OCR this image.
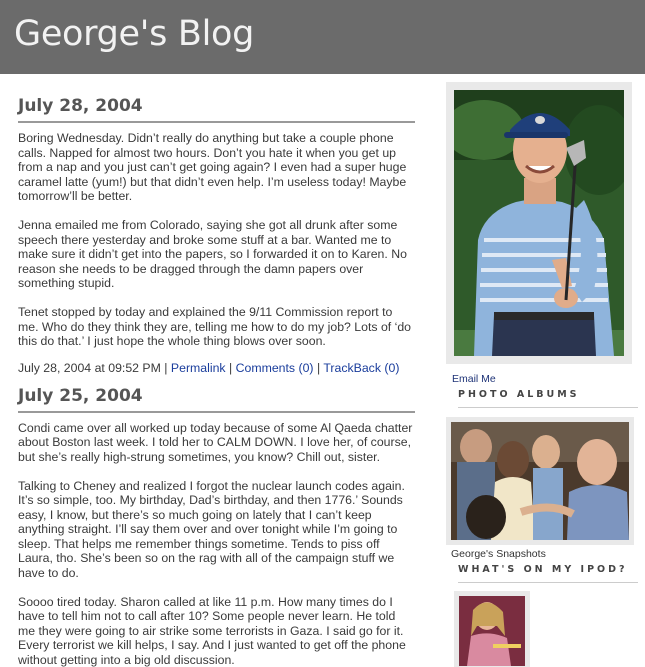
George's Blog
July 28, 2004

Boring Wednesday. Didn’t really do anything but take a couple phone calls. Napped for almost two hours. Don’t you hate it when you get up from a nap and you just can’t get going again? I even had a super huge caramel latte (yum!) but that didn’t even help. I’m useless today! Maybe tomorrow’ll be better.

Jenna emailed me from Colorado, saying she got all drunk after some speech there yesterday and broke some stuff at a bar. Wanted me to make sure it didn’t get into the papers, so I forwarded it on to Karen. No reason she needs to be dragged through the damn papers over something stupid.

Tenet stopped by today and explained the 9/11 Commission report to me. Who do they think they are, telling me how to do my job? Lots of ‘do this do that.’ I just hope the whole thing blows over soon.

July 28, 2004 at 09:52 PM | Permalink | Comments (0) | TrackBack (0)
July 25, 2004

Condi came over all worked up today because of some Al Qaeda chatter about Boston last week. I told her to CALM DOWN. I love her, of course, but she’s really high-strung sometimes, you know? Chill out, sister.

Talking to Cheney and realized I forgot the nuclear launch codes again. It’s so simple, too. My birthday, Dad’s birthday, and then 1776.’ Sounds easy, I know, but there’s so much going on lately that I can’t keep anything straight. I’ll say them over and over tonight while I’m going to sleep. That helps me remember things sometime. Tends to piss off Laura, tho. She’s been so on the rag with all of the campaign stuff we have to do.

Soooo tired today. Sharon called at like 11 p.m. How many times do I have to tell him not to call after 10? Some people never learn. He told me they were going to air strike some terrorists in Gaza. I said go for it. Every terrorist we kill helps, I say. And I just wanted to get off the phone without getting into a big old discussion.

Email Me
PHOTO ALBUMS
George's Snapshots
WHAT'S ON MY IPOD?
